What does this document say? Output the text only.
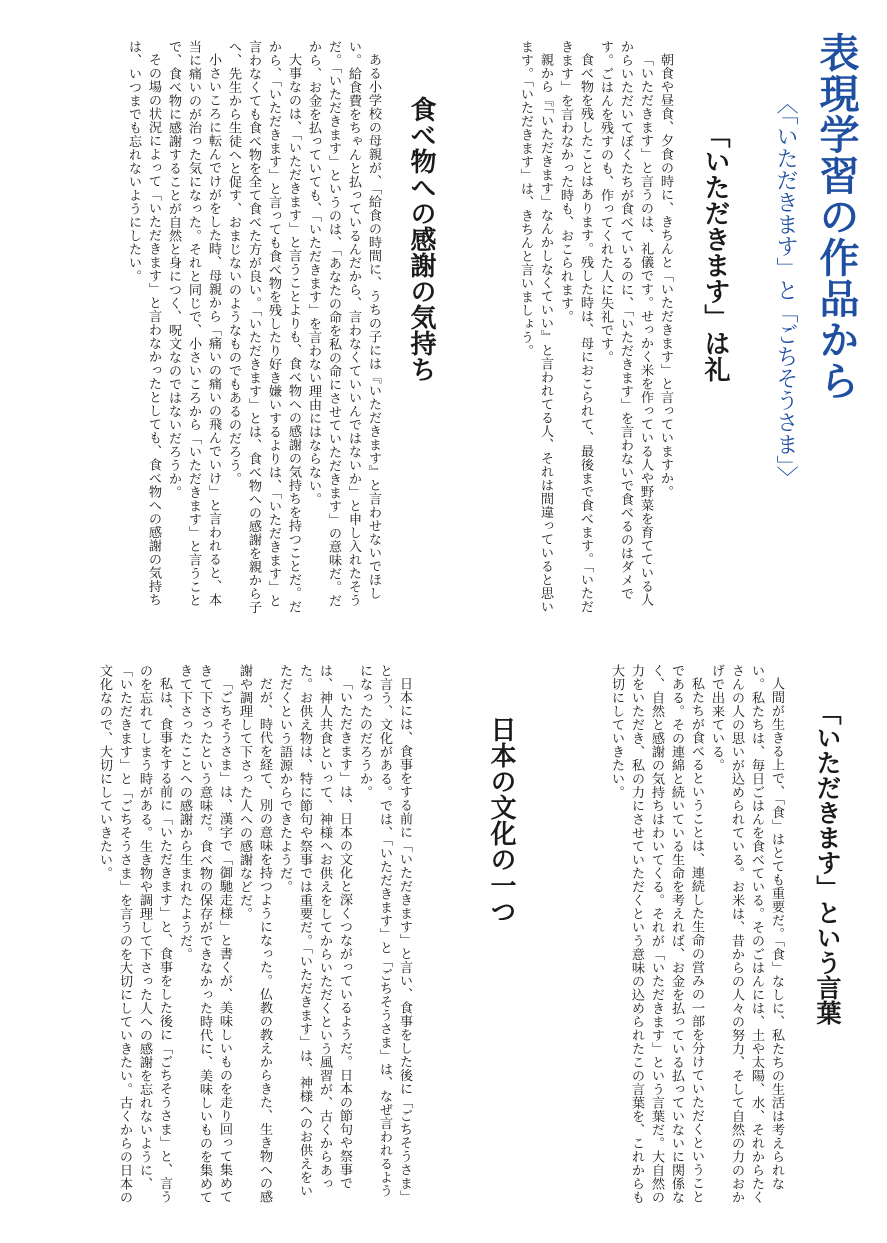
表現学習の作品から
〈「いただきます」と「ごちそうさま」〉
「いただきます」は礼

朝食や昼食、夕食の時に、きちんと「いただきます」と言っていますか。

「いただきます」と言うのは、礼儀です。せっかく米を作っている人や野菜を育てている人からいただいてぼくたちが食べているのに、「いただきます」を言わないで食べるのはダメです。ごはんを残すのも、作ってくれた人に失礼です。

食べ物を残したことはあります。残した時は、母におこられて、最後まで食べます。「いただきます」を言わなかった時も、おこられます。

親から『「いただきます」なんかしなくていい』と言われてる人、それは間違っていると思います。「いただきます」は、きちんと言いましょう。

食べ物への感謝の気持ち

ある小学校の母親が、「給食の時間に、うちの子には『いただきます』と言わせないでほしい。給食費をちゃんと払っているんだから、言わなくていいんではないか」と申し入れたそうだ。「いただきます」というのは、「あなたの命を私の命にさせていただきます」の意味だ。だから、お金を払っていても、「いただきます」を言わない理由にはならない。

大事なのは、「いただきます」と言うことよりも、食べ物への感謝の気持ちを持つことだ。だから、「いただきます」と言っても食べ物を残したり好き嫌いするよりは、「いただきます」と言わなくても食べ物を全て食べた方が良い。「いただきます」とは、食べ物への感謝を親から子へ、先生から生徒へと促す、おまじないのようなものでもあるのだろう。

小さいころに転んでけがをした時、母親から「痛いの痛いの飛んでいけ」と言われると、本当に痛いのが治った気になった。それと同じで、小さいころから「いただきます」と言うことで、食べ物に感謝することが自然と身につく、呪文なのではないだろうか。

その場の状況によって「いただきます」と言わなかったとしても、食べ物への感謝の気持ちは、いつまでも忘れないようにしたい。

「いただきます」という言葉

人間が生きる上で、「食」はとても重要だ。「食」なしに、私たちの生活は考えられない。私たちは、毎日ごはんを食べている。そのごはんには、土や太陽、水、それからたくさんの人の思いが込められている。お米は、昔からの人々の努力、そして自然の力のおかげで出来ている。

私たちが食べるということは、連続した生命の営みの一部を分けていただくということである。その連綿と続いている生命を考えれば、お金を払っている払っていないに関係なく、自然と感謝の気持ちはわいてくる。それが「いただきます」という言葉だ。大自然の力をいただき、私の力にさせていただくという意味の込められたこの言葉を、これからも大切にしていきたい。

日本の文化の一つ

日本には、食事をする前に「いただきます」と言い、食事をした後に「ごちそうさま」と言う、文化がある。では、「いただきます」と「ごちそうさま」は、なぜ言われるようになったのだろうか。

「いただきます」は、日本の文化と深くつながっているようだ。日本の節句や祭事では、神人共食といって、神様へお供えをしてからいただくという風習が、古くからあった。お供え物は、特に節句や祭事では重要だ。「いただきます」は、神様へのお供えをいただくという語源からできたようだ。

だが、時代を経て、別の意味を持つようになった。仏教の教えからきた、生き物への感謝や調理して下さった人への感謝などだ。

「ごちそうさま」は、漢字で「御馳走様」と書くが、美味しいものを走り回って集めてきて下さったという意味だ。食べ物の保存ができなかった時代に、美味しいものを集めてきて下さったことへの感謝から生まれたようだ。

私は、食事をする前に「いただきます」と、食事をした後に「ごちそうさま」と、言うのを忘れてしまう時がある。生き物や調理して下さった人への感謝を忘れないように、「いただきます」と「ごちそうさま」を言うのを大切にしていきたい。古くからの日本の文化なので、大切にしていきたい。
